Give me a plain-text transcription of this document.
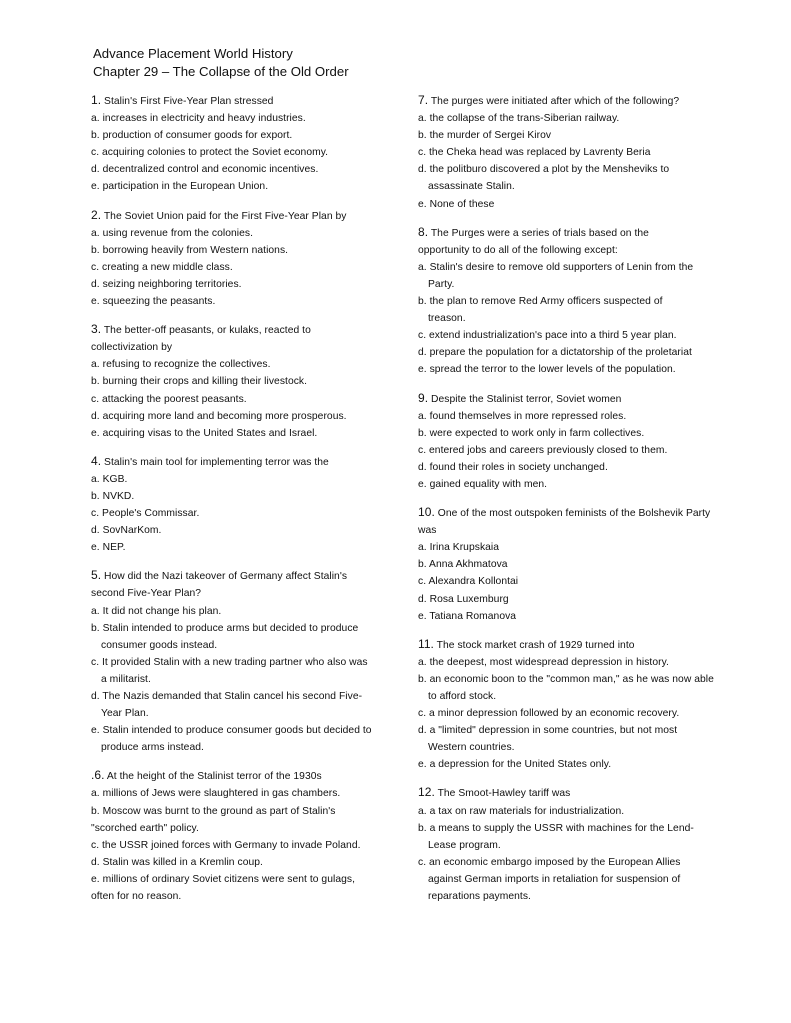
Advance Placement World History
Chapter 29 – The Collapse of the Old Order
1. Stalin's First Five-Year Plan stressed
a. increases in electricity and heavy industries.
b. production of consumer goods for export.
c. acquiring colonies to protect the Soviet economy.
d. decentralized control and economic incentives.
e. participation in the European Union.
2. The Soviet Union paid for the First Five-Year Plan by
a. using revenue from the colonies.
b. borrowing heavily from Western nations.
c. creating a new middle class.
d. seizing neighboring territories.
e. squeezing the peasants.
3. The better-off peasants, or kulaks, reacted to collectivization by
a. refusing to recognize the collectives.
b. burning their crops and killing their livestock.
c. attacking the poorest peasants.
d. acquiring more land and becoming more prosperous.
e. acquiring visas to the United States and Israel.
4. Stalin's main tool for implementing terror was the
a. KGB.
b. NVKD.
c. People's Commissar.
d. SovNarKom.
e. NEP.
5. How did the Nazi takeover of Germany affect Stalin's second Five-Year Plan?
a. It did not change his plan.
b. Stalin intended to produce arms but decided to produce consumer goods instead.
c. It provided Stalin with a new trading partner who also was a militarist.
d. The Nazis demanded that Stalin cancel his second Five-Year Plan.
e. Stalin intended to produce consumer goods but decided to produce arms instead.
.6. At the height of the Stalinist terror of the 1930s
a. millions of Jews were slaughtered in gas chambers.
b. Moscow was burnt to the ground as part of Stalin's "scorched earth" policy.
c. the USSR joined forces with Germany to invade Poland.
d. Stalin was killed in a Kremlin coup.
e. millions of ordinary Soviet citizens were sent to gulags, often for no reason.
7. The purges were initiated after which of the following?
a. the collapse of the trans-Siberian railway.
b. the murder of Sergei Kirov
c. the Cheka head was replaced by Lavrenty Beria
d. the politburo discovered a plot by the Mensheviks to assassinate Stalin.
e. None of these
8. The Purges were a series of trials based on the opportunity to do all of the following except:
a. Stalin's desire to remove old supporters of Lenin from the Party.
b. the plan to remove Red Army officers suspected of treason.
c. extend industrialization's pace into a third 5 year plan.
d. prepare the population for a dictatorship of the proletariat
e. spread the terror to the lower levels of the population.
9. Despite the Stalinist terror, Soviet women
a. found themselves in more repressed roles.
b. were expected to work only in farm collectives.
c. entered jobs and careers previously closed to them.
d. found their roles in society unchanged.
e. gained equality with men.
10. One of the most outspoken feminists of the Bolshevik Party was
a. Irina Krupskaia
b. Anna Akhmatova
c. Alexandra Kollontai
d. Rosa Luxemburg
e. Tatiana Romanova
11. The stock market crash of 1929 turned into
a. the deepest, most widespread depression in history.
b. an economic boon to the "common man," as he was now able to afford stock.
c. a minor depression followed by an economic recovery.
d. a "limited" depression in some countries, but not most Western countries.
e. a depression for the United States only.
12. The Smoot-Hawley tariff was
a. a tax on raw materials for industrialization.
b. a means to supply the USSR with machines for the Lend-Lease program.
c. an economic embargo imposed by the European Allies against German imports in retaliation for suspension of reparations payments.
